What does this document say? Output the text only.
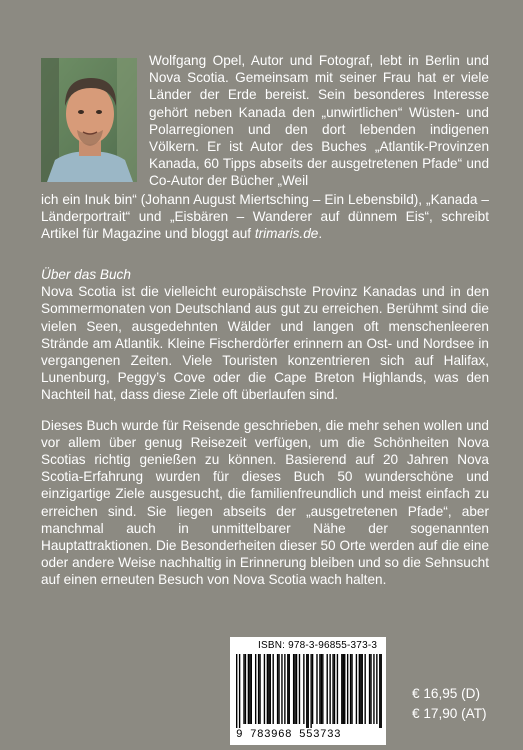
Wolfgang Opel, Autor und Fotograf, lebt in Berlin und Nova Scotia. Gemeinsam mit seiner Frau hat er viele Länder der Erde bereist. Sein besonderes Interesse gehört neben Kanada den „unwirtlichen“ Wüsten- und Polarregionen und den dort lebenden indigenen Völkern. Er ist Autor des Buches „Atlantik-Provinzen Kanada, 60 Tipps abseits der ausgetretenen Pfade“ und Co-Autor der Bücher „Weil

ich ein Inuk bin“ (Johann August Miertsching – Ein Lebensbild), „Kanada – Länderportrait“ und „Eisbären – Wanderer auf dünnem Eis“, schreibt Artikel für Magazine und bloggt auf trimaris.de.

Über das Buch

Nova Scotia ist die vielleicht europäischste Provinz Kanadas und in den Sommermonaten von Deutschland aus gut zu erreichen. Berühmt sind die vielen Seen, ausgedehnten Wälder und langen oft menschenleeren Strände am Atlantik. Kleine Fischerdörfer erinnern an Ost- und Nordsee in vergangenen Zeiten. Viele Touristen konzentrieren sich auf Halifax, Lunenburg, Peggy’s Cove oder die Cape Breton Highlands, was den Nachteil hat, dass diese Ziele oft überlaufen sind.

Dieses Buch wurde für Reisende geschrieben, die mehr sehen wollen und vor allem über genug Reisezeit verfügen, um die Schönheiten Nova Scotias richtig genießen zu können. Basierend auf 20 Jahren Nova Scotia-Erfahrung wurden für dieses Buch 50 wunderschöne und einzigartige Ziele ausgesucht, die familienfreundlich und meist einfach zu erreichen sind. Sie liegen abseits der „ausgetretenen Pfade“, aber manchmal auch in unmittelbarer Nähe der sogenannten Hauptattraktionen. Die Besonderheiten dieser 50 Orte werden auf die eine oder andere Weise nachhaltig in Erinnerung bleiben und so die Sehnsucht auf einen erneuten Besuch von Nova Scotia wach halten.

ISBN: 978-3-96855-373-3
9 783968 553733
€ 16,95 (D)
€ 17,90 (AT)
